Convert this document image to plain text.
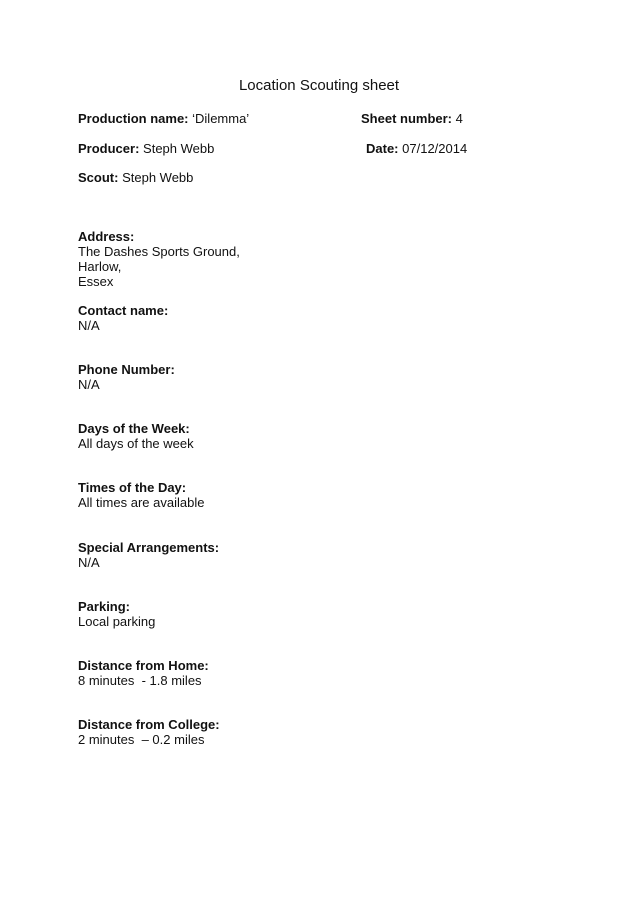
Location Scouting sheet
Production name: ‘Dilemma’	Sheet number: 4
Producer: Steph Webb	Date: 07/12/2014
Scout: Steph Webb
Address:
The Dashes Sports Ground,
Harlow,
Essex
Contact name:
N/A
Phone Number:
N/A
Days of the Week:
All days of the week
Times of the Day:
All times are available
Special Arrangements:
N/A
Parking:
Local parking
Distance from Home:
8 minutes  - 1.8 miles
Distance from College:
2 minutes  – 0.2 miles
